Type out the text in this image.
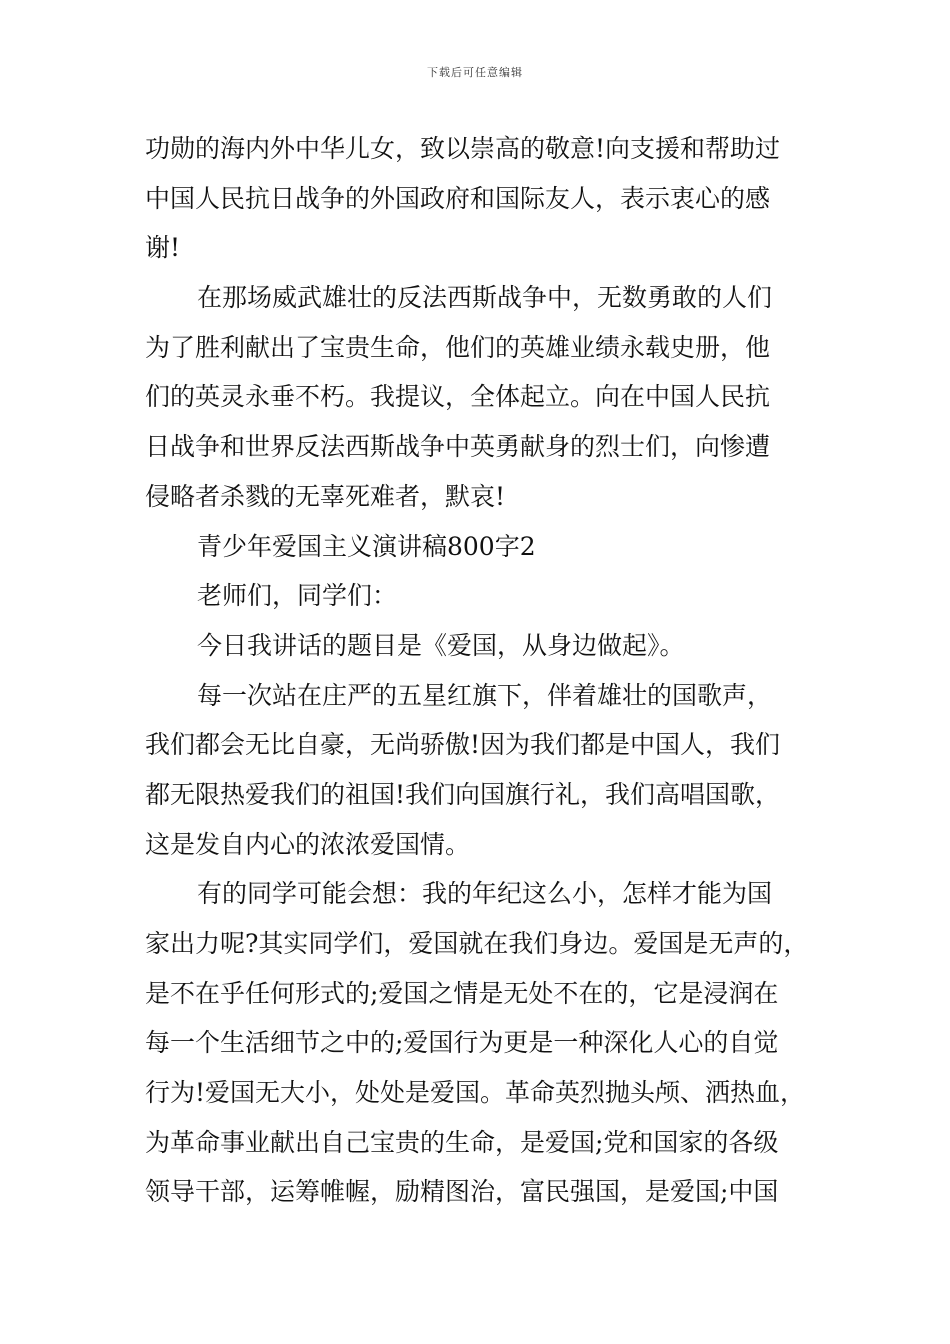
下载后可任意编辑
功勋的海内外中华儿女，致以崇高的敬意!向支援和帮助过
中国人民抗日战争的外国政府和国际友人，表示衷心的感
谢!
在那场威武雄壮的反法西斯战争中，无数勇敢的人们
为了胜利献出了宝贵生命，他们的英雄业绩永载史册，他
们的英灵永垂不朽。我提议，全体起立。向在中国人民抗
日战争和世界反法西斯战争中英勇献身的烈士们，向惨遭
侵略者杀戮的无辜死难者，默哀!
青少年爱国主义演讲稿800字2
老师们，同学们：
今日我讲话的题目是《爱国，从身边做起》。
每一次站在庄严的五星红旗下，伴着雄壮的国歌声，
我们都会无比自豪，无尚骄傲!因为我们都是中国人，我们
都无限热爱我们的祖国!我们向国旗行礼，我们高唱国歌，
这是发自内心的浓浓爱国情。
有的同学可能会想：我的年纪这么小，怎样才能为国
家出力呢?其实同学们，爱国就在我们身边。爱国是无声的，
是不在乎任何形式的;爱国之情是无处不在的，它是浸润在
每一个生活细节之中的;爱国行为更是一种深化人心的自觉
行为!爱国无大小，处处是爱国。革命英烈抛头颅、洒热血，
为革命事业献出自己宝贵的生命，是爱国;党和国家的各级
领导干部，运筹帷幄，励精图治，富民强国，是爱国;中国
